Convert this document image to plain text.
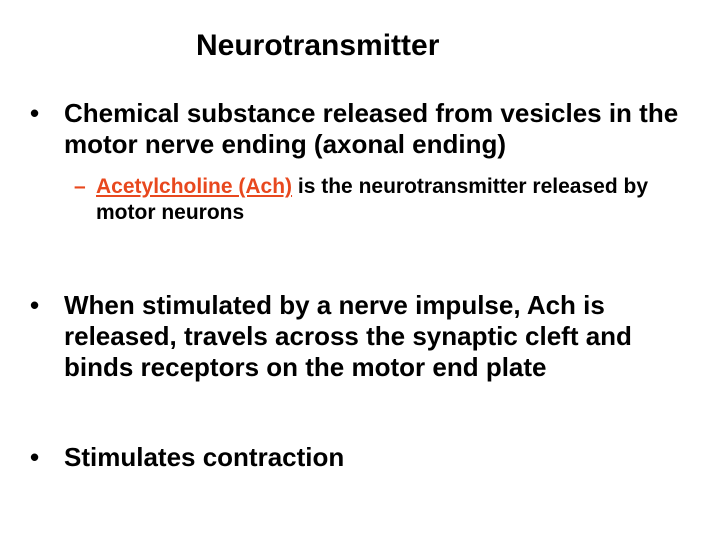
Neurotransmitter
• Chemical substance released from vesicles in the motor nerve ending (axonal ending)
– Acetylcholine (Ach) is the neurotransmitter released by motor neurons
• When stimulated by a nerve impulse, Ach is released, travels across the synaptic cleft and binds receptors on the motor end plate
• Stimulates contraction
